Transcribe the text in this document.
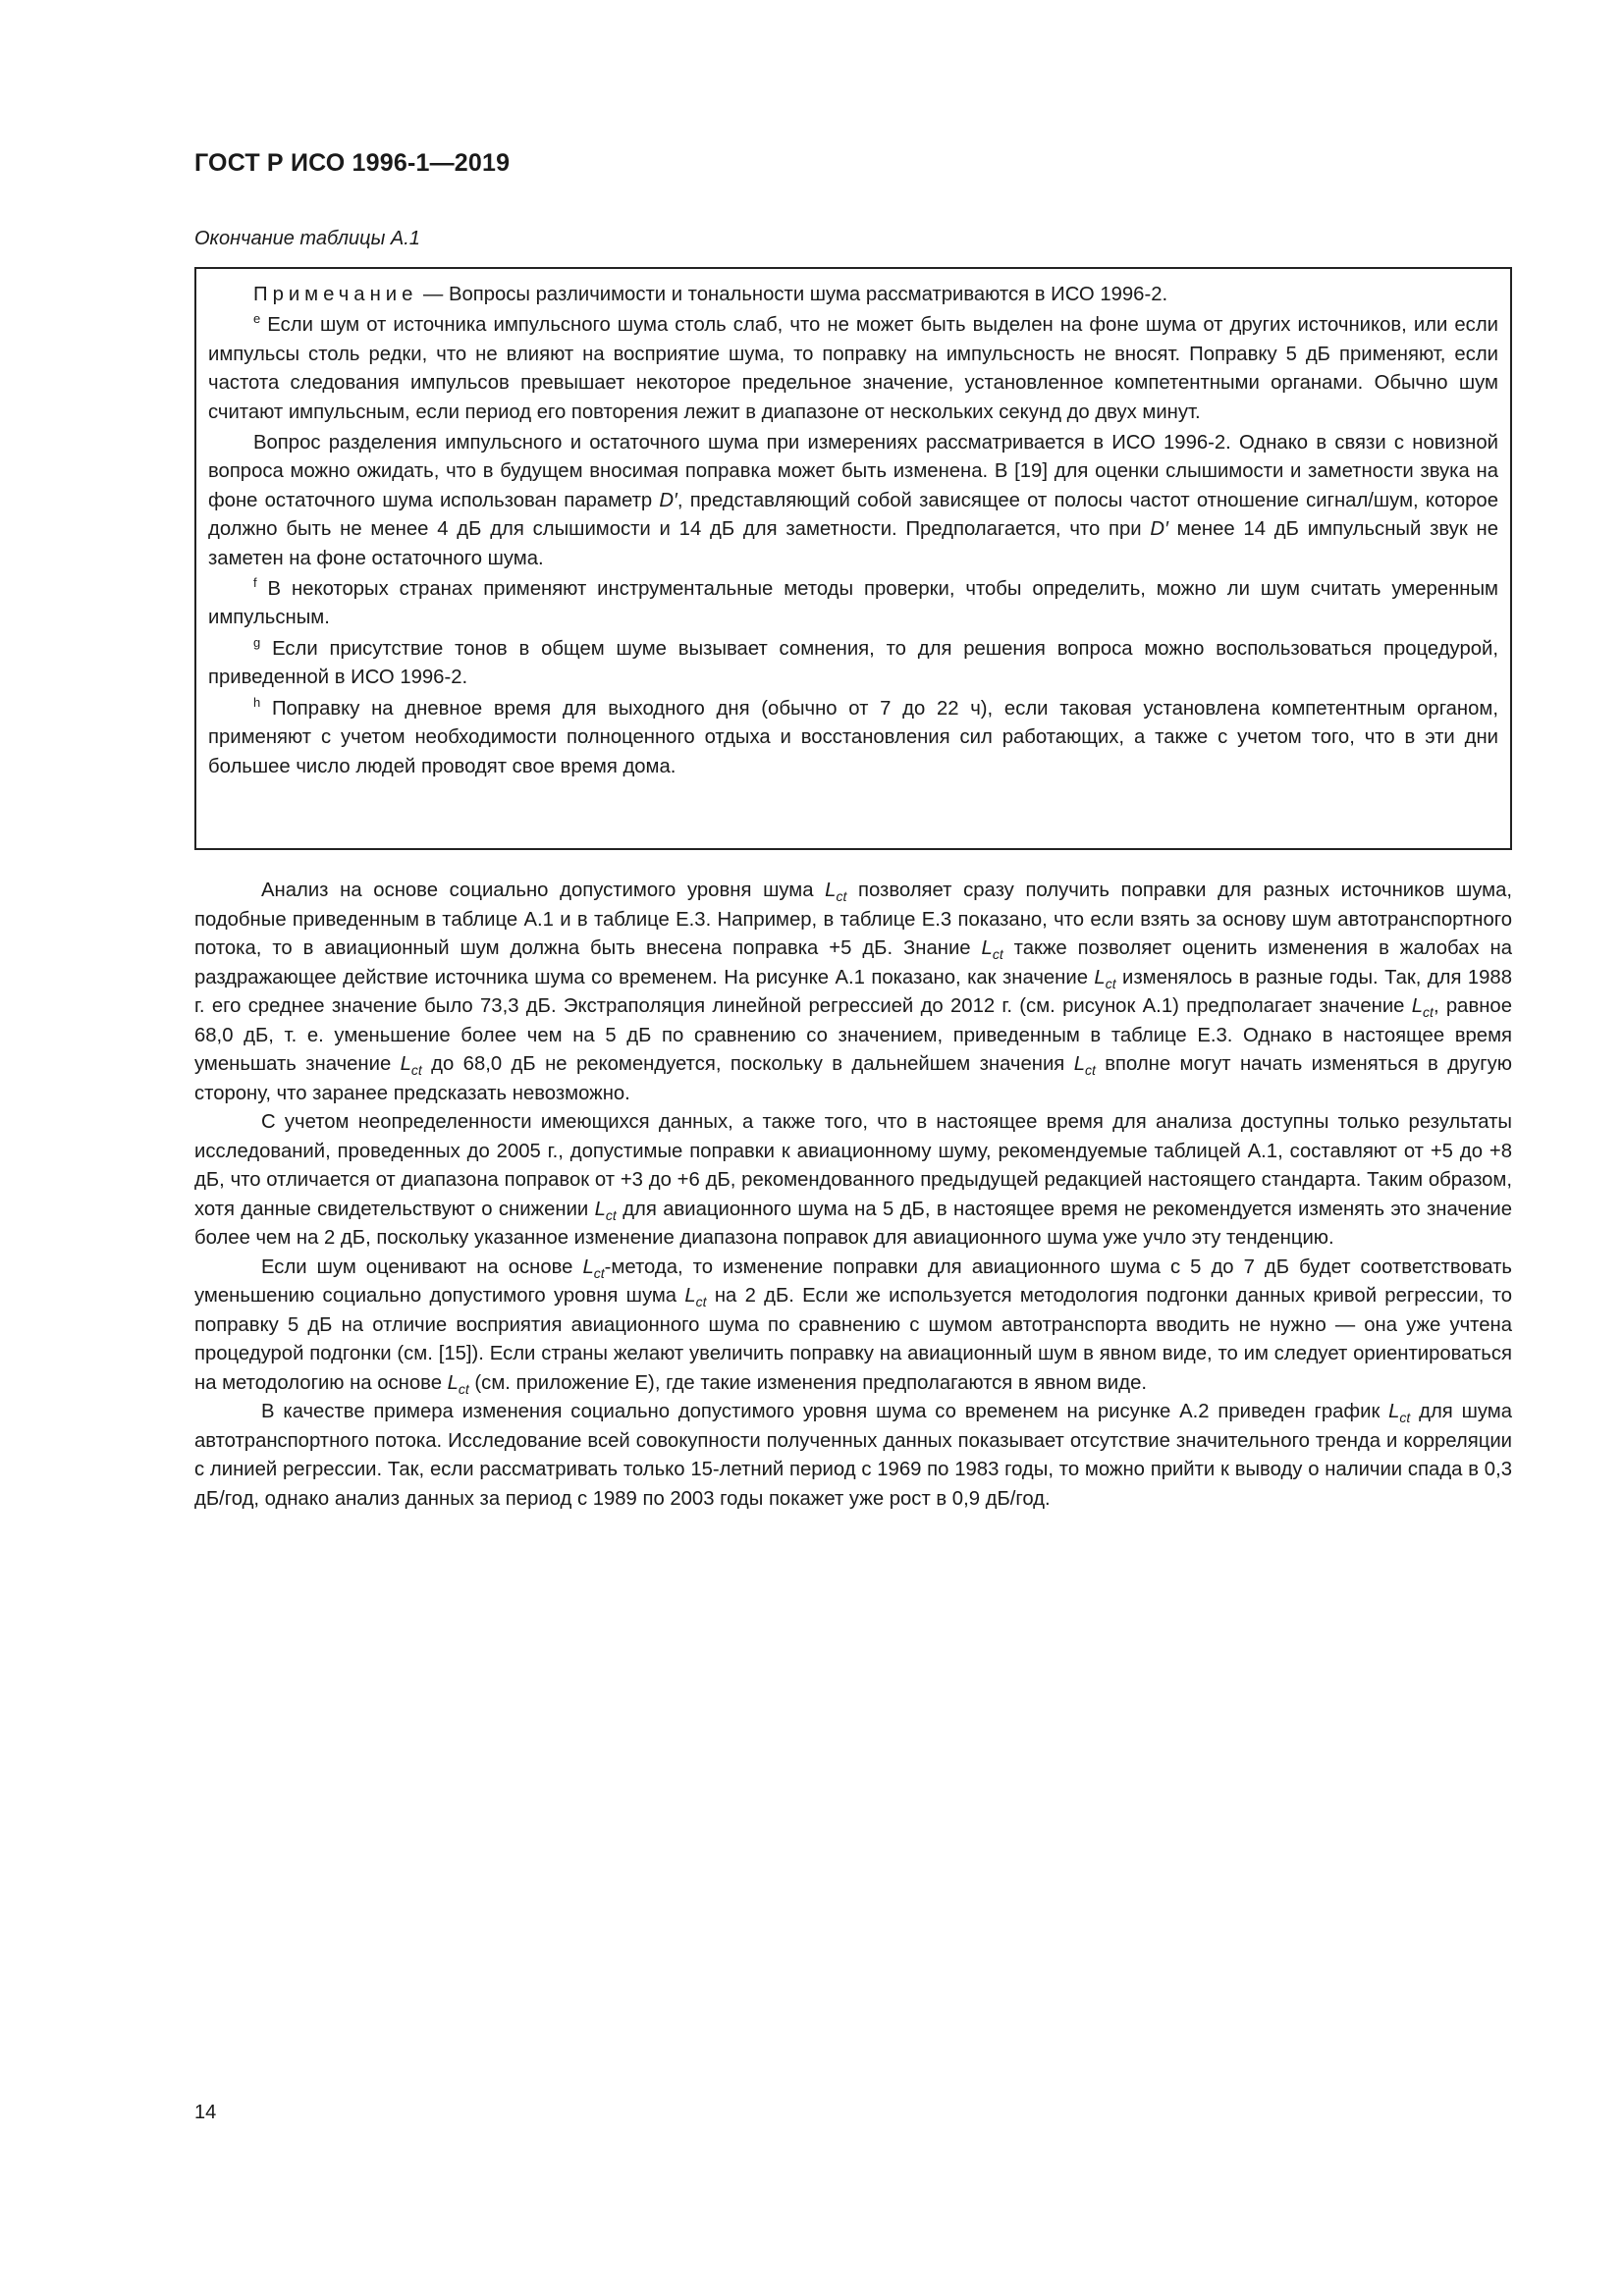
ГОСТ Р ИСО 1996-1—2019
Окончание таблицы А.1

Примечание — Вопросы различимости и тональности шума рассматриваются в ИСО 1996-2.

$^e$ Если шум от источника импульсного шума столь слаб, что не может быть выделен на фоне шума от других источников, или если импульсы столь редки, что не влияют на восприятие шума, то поправку на импульсность не вносят. Поправку 5 дБ применяют, если частота следования импульсов превышает некоторое предельное значение, установленное компетентными органами. Обычно шум считают импульсным, если период его повторения лежит в диапазоне от нескольких секунд до двух минут.

Вопрос разделения импульсного и остаточного шума при измерениях рассматривается в ИСО 1996-2. Однако в связи с новизной вопроса можно ожидать, что в будущем вносимая поправка может быть изменена. В [19] для оценки слышимости и заметности звука на фоне остаточного шума использован параметр D′, представляющий собой зависящее от полосы частот отношение сигнал/шум, которое должно быть не менее 4 дБ для слышимости и 14 дБ для заметности. Предполагается, что при D′ менее 14 дБ импульсный звук не заметен на фоне остаточного шума.

$^f$ В некоторых странах применяют инструментальные методы проверки, чтобы определить, можно ли шум считать умеренным импульсным.

$^g$ Если присутствие тонов в общем шуме вызывает сомнения, то для решения вопроса можно воспользоваться процедурой, приведенной в ИСО 1996-2.

$^h$ Поправку на дневное время для выходного дня (обычно от 7 до 22 ч), если таковая установлена компетентным органом, применяют с учетом необходимости полноценного отдыха и восстановления сил работающих, а также с учетом того, что в эти дни большее число людей проводят свое время дома.

Анализ на основе социально допустимого уровня шума $L_{ct}$ позволяет сразу получить поправки для разных источников шума, подобные приведенным в таблице А.1 и в таблице Е.3. Например, в таблице Е.3 показано, что если взять за основу шум автотранспортного потока, то в авиационный шум должна быть внесена поправка +5 дБ. Знание $L_{ct}$ также позволяет оценить изменения в жалобах на раздражающее действие источника шума со временем. На рисунке А.1 показано, как значение $L_{ct}$ изменялось в разные годы. Так, для 1988 г. его среднее значение было 73,3 дБ. Экстраполяция линейной регрессией до 2012 г. (см. рисунок А.1) предполагает значение $L_{ct}$, равное 68,0 дБ, т. е. уменьшение более чем на 5 дБ по сравнению со значением, приведенным в таблице Е.3. Однако в настоящее время уменьшать значение $L_{ct}$ до 68,0 дБ не рекомендуется, поскольку в дальнейшем значения $L_{ct}$ вполне могут начать изменяться в другую сторону, что заранее предсказать невозможно.

С учетом неопределенности имеющихся данных, а также того, что в настоящее время для анализа доступны только результаты исследований, проведенных до 2005 г., допустимые поправки к авиационному шуму, рекомендуемые таблицей А.1, составляют от +5 до +8 дБ, что отличается от диапазона поправок от +3 до +6 дБ, рекомендованного предыдущей редакцией настоящего стандарта. Таким образом, хотя данные свидетельствуют о снижении $L_{ct}$ для авиационного шума на 5 дБ, в настоящее время не рекомендуется изменять это значение более чем на 2 дБ, поскольку указанное изменение диапазона поправок для авиационного шума уже учло эту тенденцию.

Если шум оценивают на основе $L_{ct}$-метода, то изменение поправки для авиационного шума с 5 до 7 дБ будет соответствовать уменьшению социально допустимого уровня шума $L_{ct}$ на 2 дБ. Если же используется методология подгонки данных кривой регрессии, то поправку 5 дБ на отличие восприятия авиационного шума по сравнению с шумом автотранспорта вводить не нужно — она уже учтена процедурой подгонки (см. [15]). Если страны желают увеличить поправку на авиационный шум в явном виде, то им следует ориентироваться на методологию на основе $L_{ct}$ (см. приложение Е), где такие изменения предполагаются в явном виде.

В качестве примера изменения социально допустимого уровня шума со временем на рисунке А.2 приведен график $L_{ct}$ для шума автотранспортного потока. Исследование всей совокупности полученных данных показывает отсутствие значительного тренда и корреляции с линией регрессии. Так, если рассматривать только 15-летний период с 1969 по 1983 годы, то можно прийти к выводу о наличии спада в 0,3 дБ/год, однако анализ данных за период с 1989 по 2003 годы покажет уже рост в 0,9 дБ/год.

14
